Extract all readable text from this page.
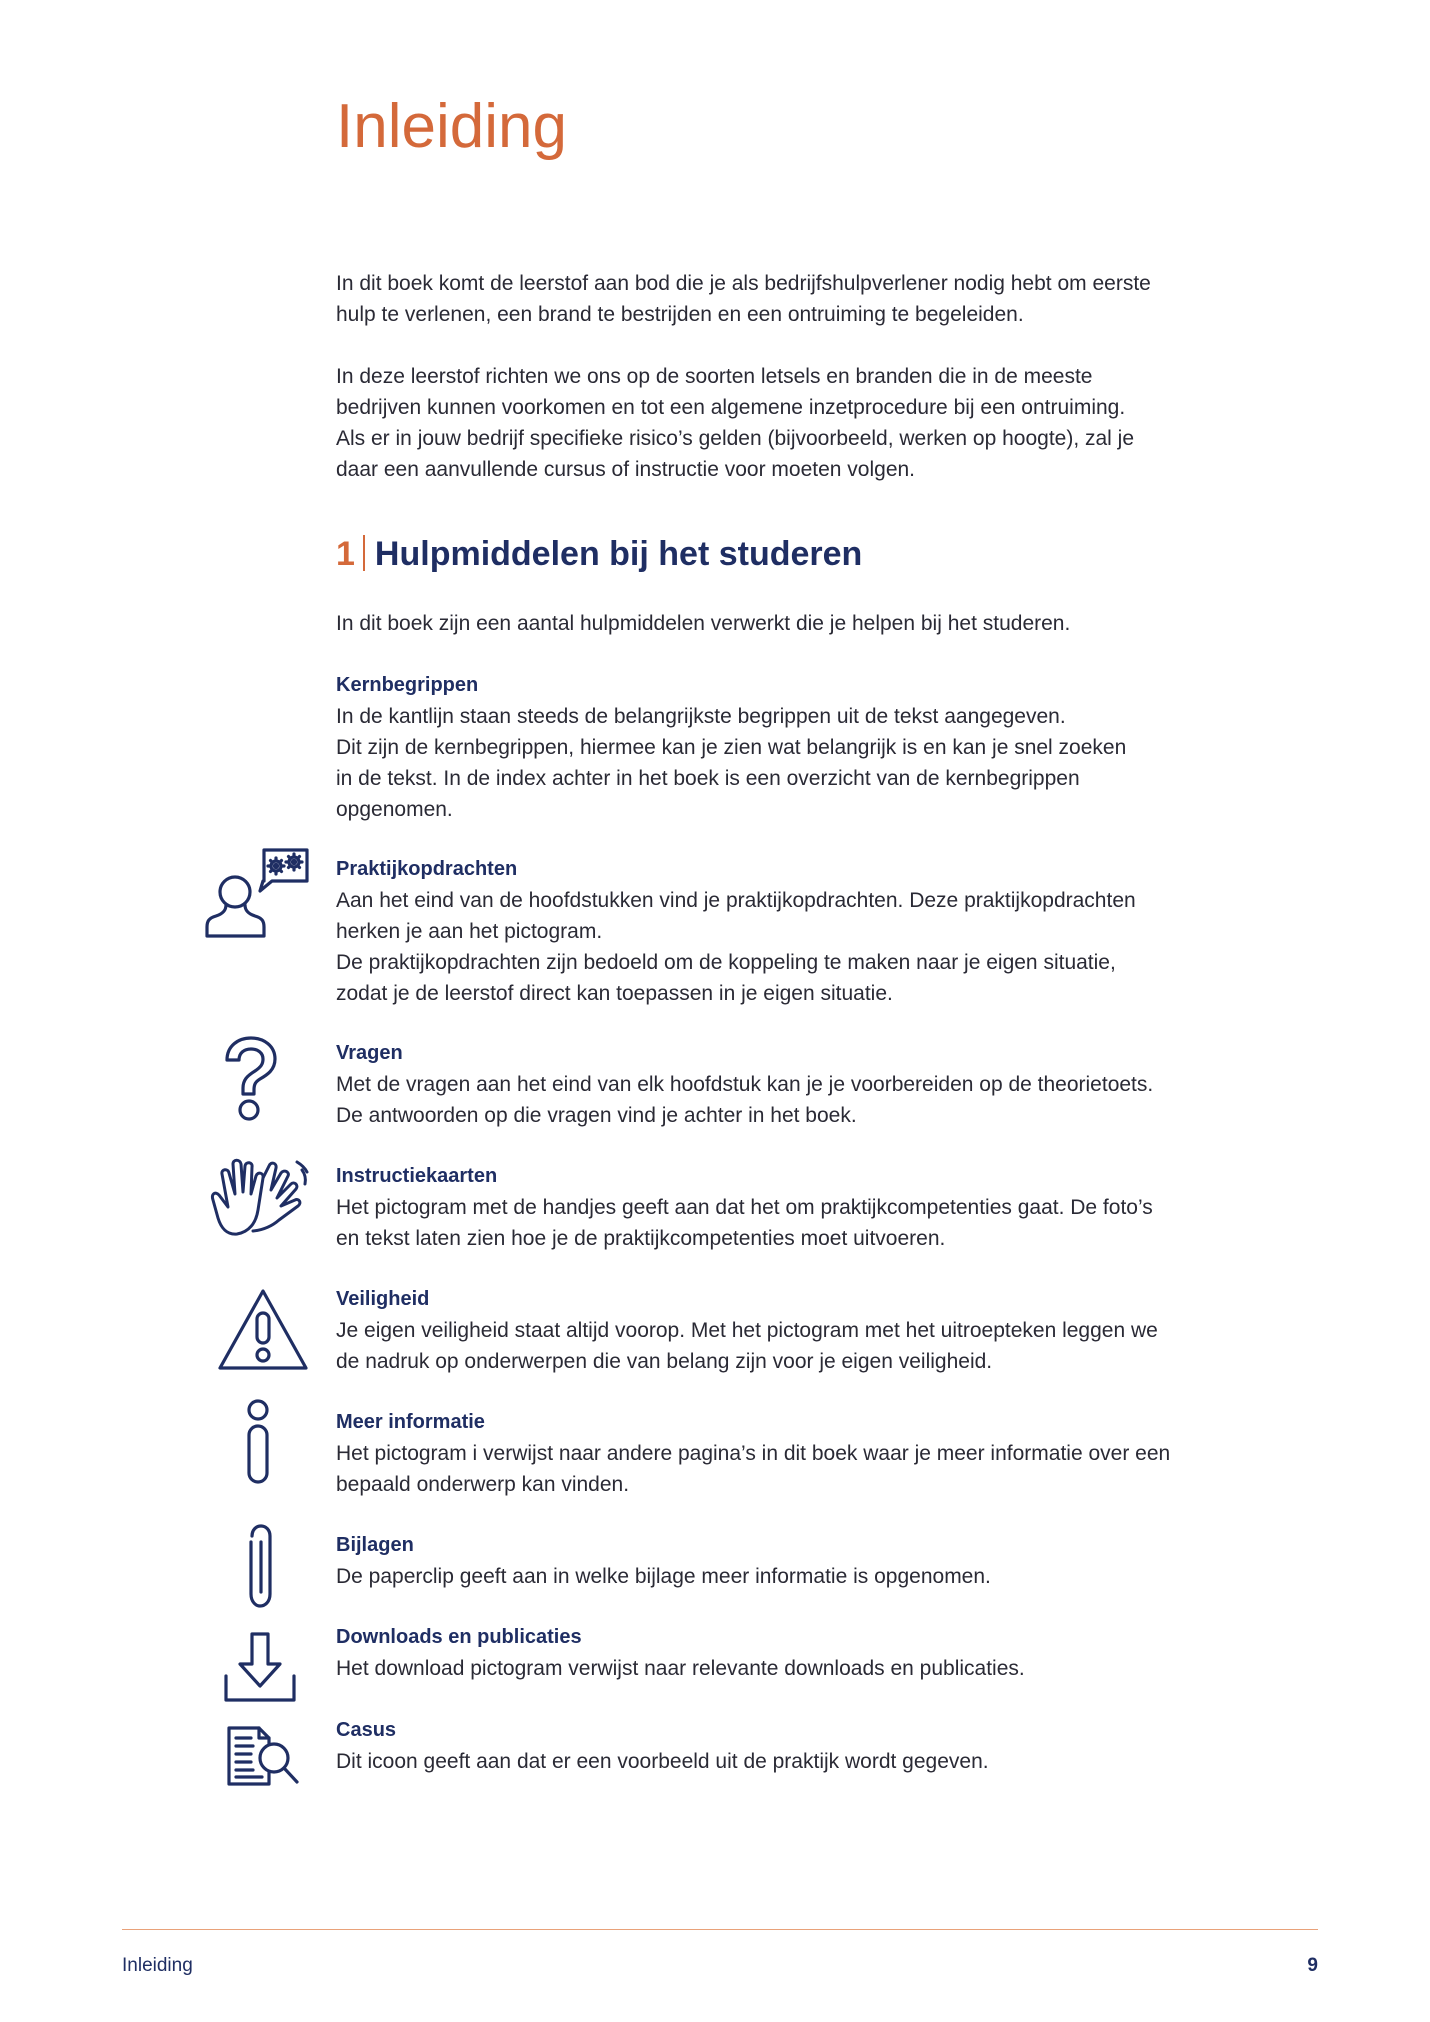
Inleiding
In dit boek komt de leerstof aan bod die je als bedrijfshulpverlener nodig hebt om eerste
hulp te verlenen, een brand te bestrijden en een ontruiming te begeleiden.
In deze leerstof richten we ons op de soorten letsels en branden die in de meeste
bedrijven kunnen voorkomen en tot een algemene inzetprocedure bij een ontruiming.
Als er in jouw bedrijf specifieke risico’s gelden (bijvoorbeeld, werken op hoogte), zal je
daar een aanvullende cursus of instructie voor moeten volgen.
1 Hulpmiddelen bij het studeren

In dit boek zijn een aantal hulpmiddelen verwerkt die je helpen bij het studeren.

Kernbegrippen

In de kantlijn staan steeds de belangrijkste begrippen uit de tekst aangegeven.
Dit zijn de kernbegrippen, hiermee kan je zien wat belangrijk is en kan je snel zoeken
in de tekst. In de index achter in het boek is een overzicht van de kernbegrippen
opgenomen.

Praktijkopdrachten

Aan het eind van de hoofdstukken vind je praktijkopdrachten. Deze praktijkopdrachten
herken je aan het pictogram.
De praktijkopdrachten zijn bedoeld om de koppeling te maken naar je eigen situatie,
zodat je de leerstof direct kan toepassen in je eigen situatie.

Vragen

Met de vragen aan het eind van elk hoofdstuk kan je je voorbereiden op de theorietoets.
De antwoorden op die vragen vind je achter in het boek.

Instructiekaarten

Het pictogram met de handjes geeft aan dat het om praktijkcompetenties gaat. De foto’s
en tekst laten zien hoe je de praktijkcompetenties moet uitvoeren.

Veiligheid

Je eigen veiligheid staat altijd voorop. Met het pictogram met het uitroepteken leggen we
de nadruk op onderwerpen die van belang zijn voor je eigen veiligheid.

Meer informatie

Het pictogram i verwijst naar andere pagina’s in dit boek waar je meer informatie over een
bepaald onderwerp kan vinden.

Bijlagen

De paperclip geeft aan in welke bijlage meer informatie is opgenomen.

Downloads en publicaties

Het download pictogram verwijst naar relevante downloads en publicaties.

Casus

Dit icoon geeft aan dat er een voorbeeld uit de praktijk wordt gegeven.

Inleiding	9
